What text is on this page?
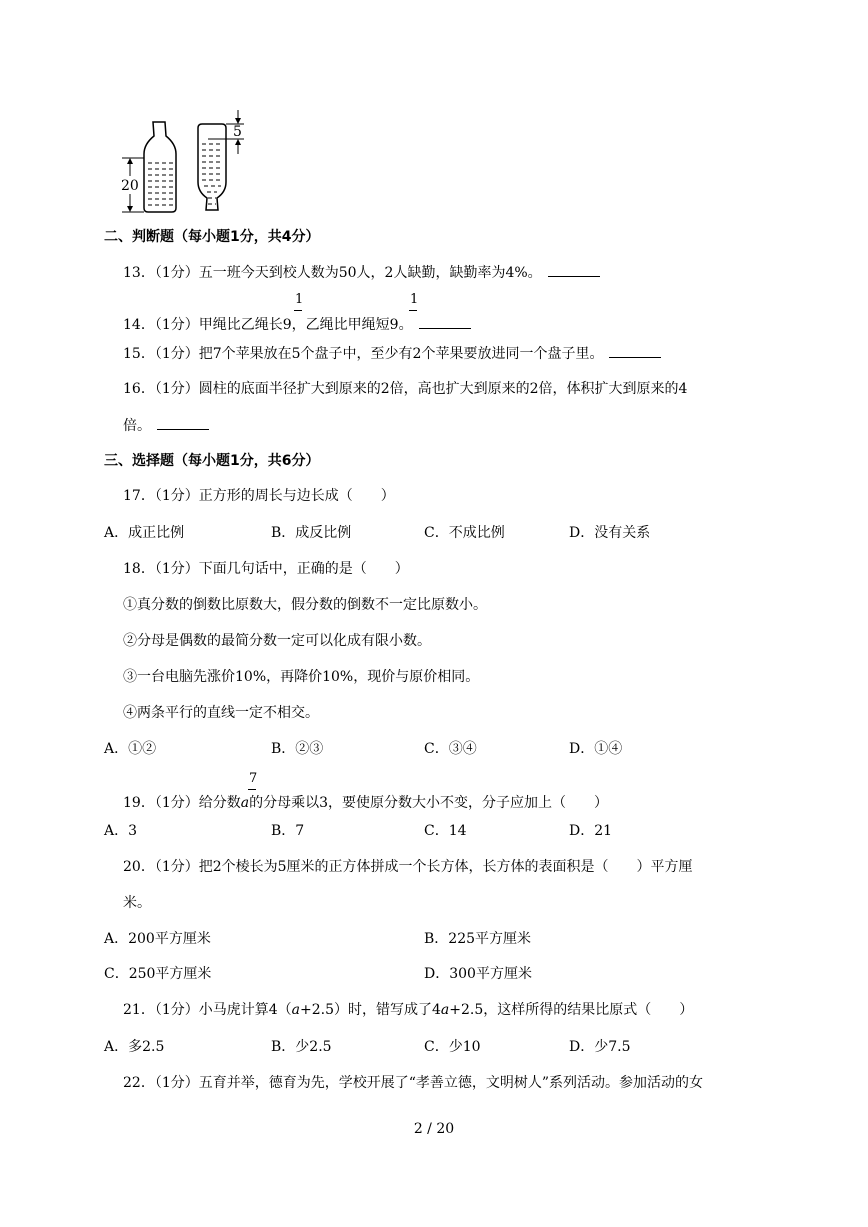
20
5
二、判断题（每小题1分，共4分）
13．（1分）五一班今天到校人数为50人，2人缺勤，缺勤率为4%。
1	1
14．（1分）甲绳比乙绳长9，乙绳比甲绳短9。
15．（1分）把7个苹果放在5个盘子中，至少有2个苹果要放进同一个盘子里。
16．（1分）圆柱的底面半径扩大到原来的2倍，高也扩大到原来的2倍，体积扩大到原来的4
倍。
三、选择题（每小题1分，共6分）
17．（1分）正方形的周长与边长成（　　）
A．成正比例	B．成反比例	C．不成比例	D．没有关系
18．（1分）下面几句话中，正确的是（　　）
①真分数的倒数比原数大，假分数的倒数不一定比原数小。
②分母是偶数的最简分数一定可以化成有限小数。
③一台电脑先涨价10%，再降价10%，现价与原价相同。
④两条平行的直线一定不相交。
A．①②	B．②③	C．③④	D．①④
7
19．（1分）给分数a的分母乘以3，要使原分数大小不变，分子应加上（　　）
A．3	B．7	C．14	D．21
20．（1分）把2个棱长为5厘米的正方体拼成一个长方体，长方体的表面积是（　　）平方厘
米。
A．200平方厘米	B．225平方厘米
C．250平方厘米	D．300平方厘米
21．（1分）小马虎计算4（a+2.5）时，错写成了4a+2.5，这样所得的结果比原式（　　）
A．多2.5	B．少2.5	C．少10	D．少7.5
22．（1分）五育并举，德育为先，学校开展了“孝善立德，文明树人”系列活动。参加活动的女
2 / 20
